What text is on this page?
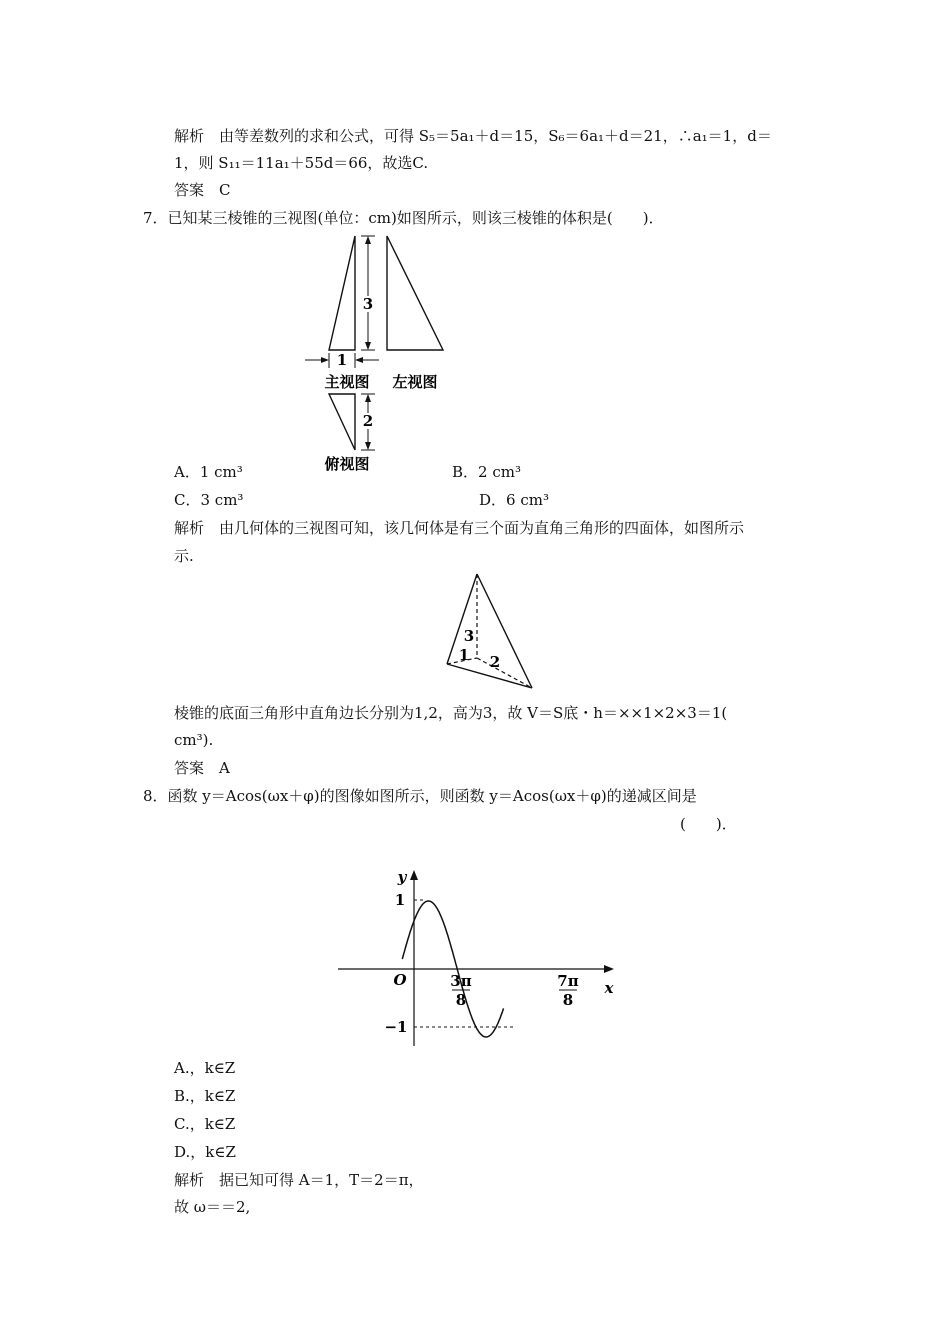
解析　由等差数列的求和公式，可得 S₅＝5a₁＋d＝15，S₆＝6a₁＋d＝21，∴a₁＝1，d＝
1，则 S₁₁＝11a₁＋55d＝66，故选C.
答案　C
7．已知某三棱锥的三视图(单位：cm)如图所示，则该三棱锥的体积是(　　)．
3
1
主视图 左视图
2
俯视图
A．1 cm³	B．2 cm³
C．3 cm³	D．6 cm³
解析　由几何体的三视图可知，该几何体是有三个面为直角三角形的四面体，如图所示
示.
3
1 2
棱锥的底面三角形中直角边长分别为1,2，高为3，故 V＝S底・h＝××1×2×3＝1(
cm³).
答案　A
8．函数 y＝Acos(ωx＋φ)的图像如图所示，则函数 y＝Acos(ωx＋φ)的递减区间是
(　　)．
x
y
O
1
−1
3π
8
7π
8
A.，k∈Z
B.，k∈Z
C.，k∈Z
D.，k∈Z
解析　据已知可得 A＝1，T＝2＝π，
故 ω＝＝2,
